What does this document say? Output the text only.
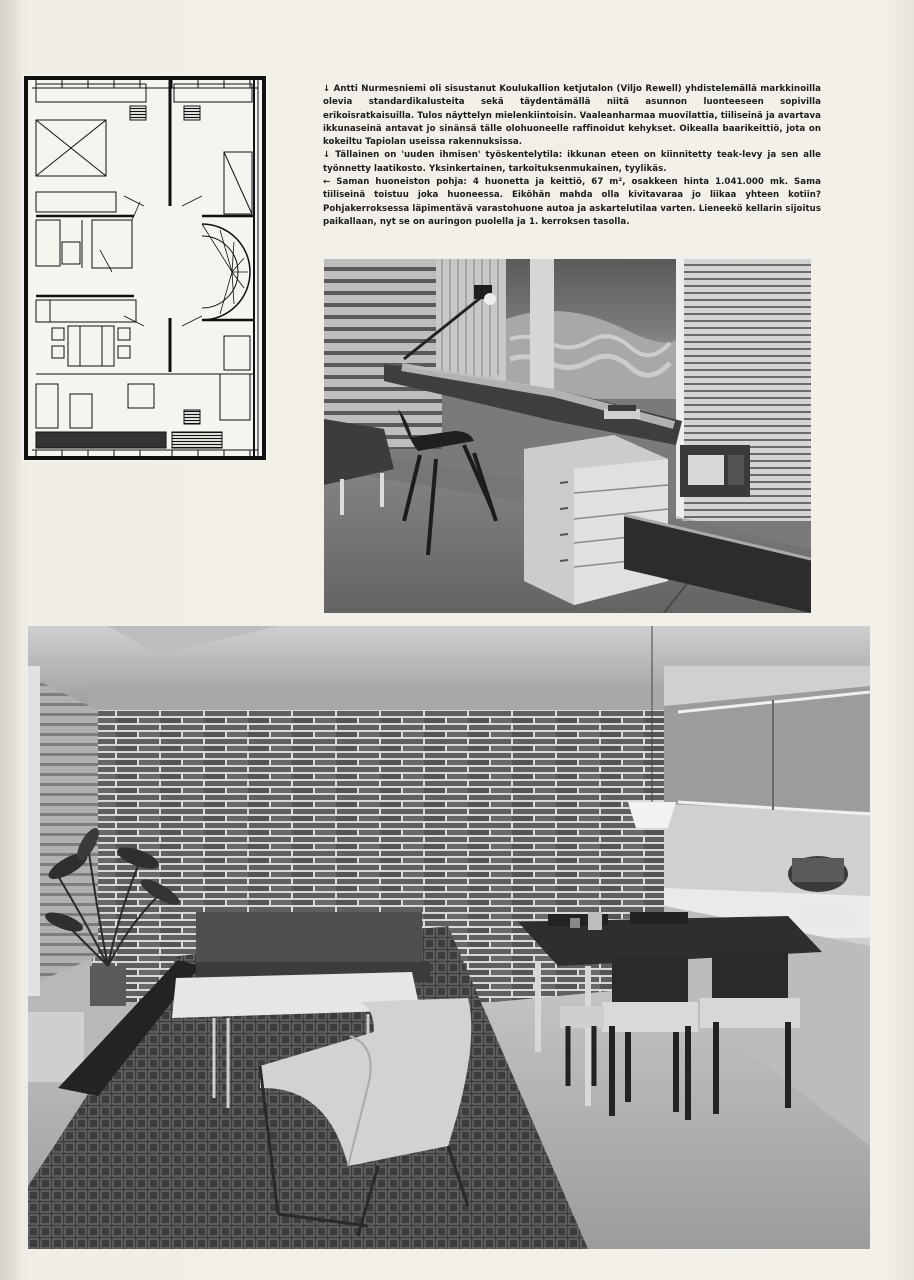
↓ Antti Nurmesniemi oli sisustanut Koulukallion ketjutalon (Viljo Rewell) yhdistelemällä markkinoilla olevia standardikalusteita sekä täydentämällä niitä asunnon luonteeseen sopivilla erikoisratkaisuilla. Tulos näyttelyn mielenkiintoisin. Vaaleanharmaa muovilattia, tiiliseinä ja avartava ikkunaseinä antavat jo sinänsä tälle olohuoneelle raffinoidut kehykset. Oikealla baarikeittiö, jota on kokeiltu Tapiolan useissa rakennuksissa.

↓ Tällainen on 'uuden ihmisen' työskentelytila: ikkunan eteen on kiinnitetty teak-levy ja sen alle työnnetty laatikosto. Yksinkertainen, tarkoituksenmukainen, tyylikäs.

← Saman huoneiston pohja: 4 huonetta ja keittiö, 67 m², osakkeen hinta 1.041.000 mk. Sama tiiliseinä toistuu joka huoneessa. Eiköhän mahda olla kivitavaraa jo liikaa yhteen kotiin? Pohjakerroksessa läpimentävä varastohuone autoa ja askartelutilaa varten. Lieneekö kellarin sijoitus paikallaan, nyt se on auringon puolella ja 1. kerroksen tasolla.
